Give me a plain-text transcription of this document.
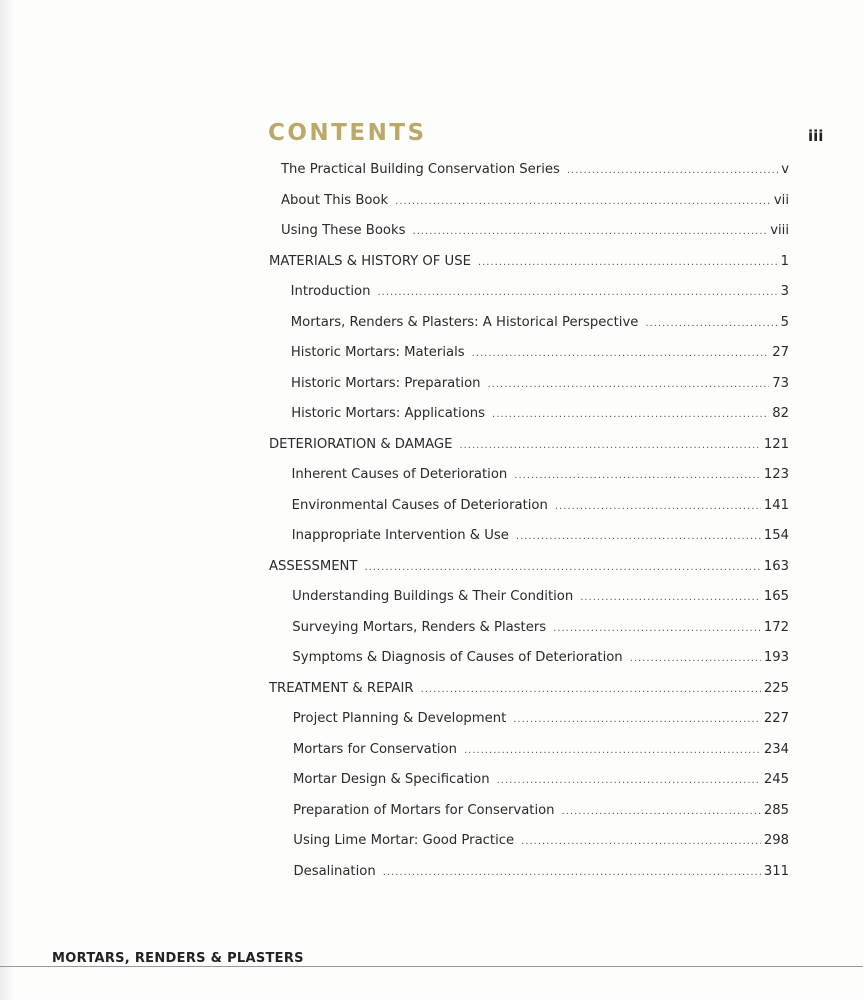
CONTENTS	iii
The Practical Building Conservation Series .....	v
About This Book .....	vii
Using These Books .....	viii
MATERIALS & HISTORY OF USE .....	1
Introduction .....	3
Mortars, Renders & Plasters: A Historical Perspective .....	5
Historic Mortars: Materials .....	27
Historic Mortars: Preparation .....	73
Historic Mortars: Applications .....	82
DETERIORATION & DAMAGE .....	121
Inherent Causes of Deterioration .....	123
Environmental Causes of Deterioration .....	141
Inappropriate Intervention & Use .....	154
ASSESSMENT .....	163
Understanding Buildings & Their Condition .....	165
Surveying Mortars, Renders & Plasters .....	172
Symptoms & Diagnosis of Causes of Deterioration .....	193
TREATMENT & REPAIR .....	225
Project Planning & Development .....	227
Mortars for Conservation .....	234
Mortar Design & Specification .....	245
Preparation of Mortars for Conservation .....	285
Using Lime Mortar: Good Practice .....	298
Desalination .....	311
MORTARS, RENDERS & PLASTERS
